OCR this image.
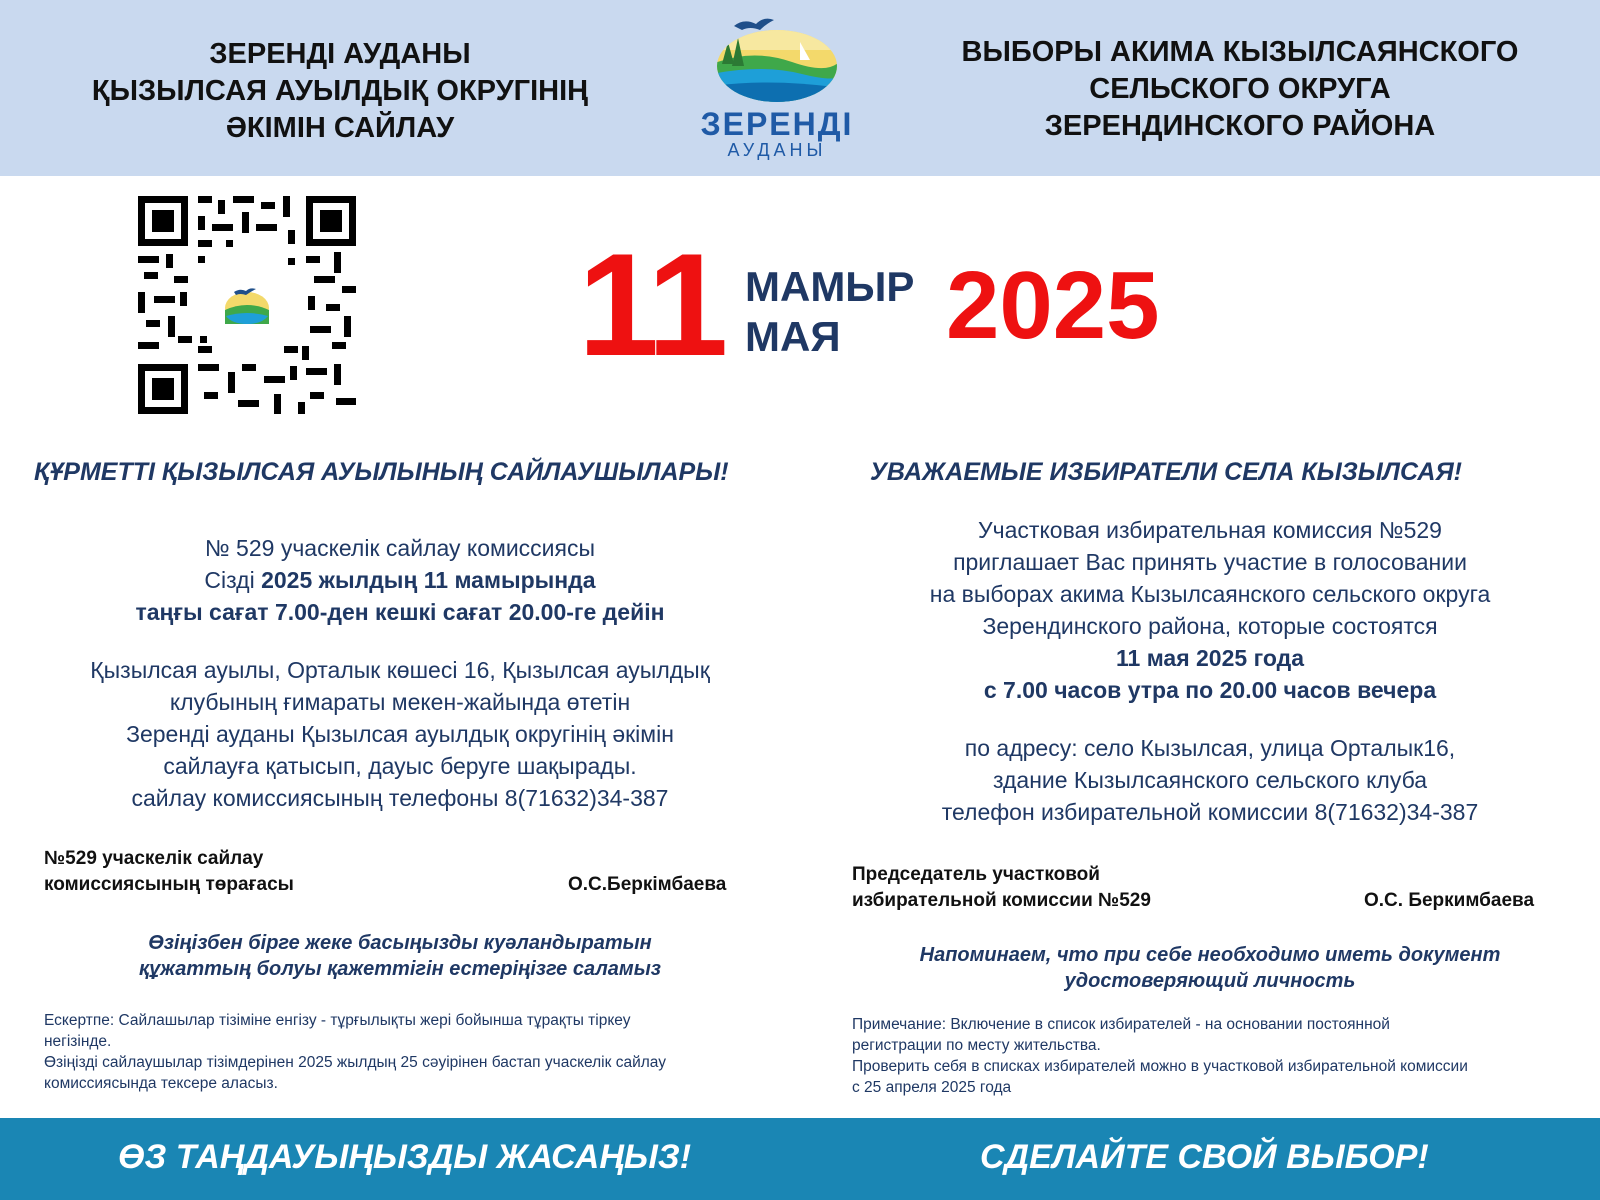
ЗЕРЕНДІ АУДАНЫ
ҚЫЗЫЛСАЯ АУЫЛДЫҚ ОКРУГІНІҢ
ӘКІМІН САЙЛАУ	ЗЕРЕНДІ
АУДАНЫ
ВЫБОРЫ АКИМА КЫЗЫЛСАЯНСКОГО
СЕЛЬСКОГО ОКРУГА
ЗЕРЕНДИНСКОГО РАЙОНА
11 МАМЫР
МАЯ	2025
ҚҰРМЕТТІ ҚЫЗЫЛСАЯ АУЫЛЫНЫҢ САЙЛАУШЫЛАРЫ!
№ 529 учаскелік сайлау комиссиясы
Сізді 2025 жылдың 11 мамырында
таңғы сағат 7.00-ден кешкі сағат 20.00-ге дейін
Қызылсая ауылы, Орталык көшесі 16, Қызылсая ауылдық
клубының ғимараты мекен-жайында өтетін
Зеренді ауданы Қызылсая ауылдық округінің әкімін
сайлауға қатысып, дауыс беруге шақырады.
сайлау комиссиясының телефоны 8(71632)34-387
№529 учаскелік сайлау
комиссиясының төрағасы	О.С.Беркімбаева
Өзіңізбен бірге жеке басыңызды куәландыратын
құжаттың болуы қажеттігін естеріңізге саламыз
Ескертпе: Сайлашылар тізіміне енгізу - тұрғылықты жері бойынша тұрақты тіркеу
негізінде.
Өзіңізді сайлаушылар тізімдерінен 2025 жылдың 25 сәуірінен бастап учаскелік сайлау
комиссиясында тексере аласыз.
УВАЖАЕМЫЕ ИЗБИРАТЕЛИ СЕЛА КЫЗЫЛСАЯ!
Участковая избирательная комиссия №529
приглашает Вас принять участие в голосовании
на выборах акима Кызылсаянского сельского округа
Зерендинского района, которые состоятся
11 мая 2025 года
с 7.00 часов утра по 20.00 часов вечера
по адресу: село Кызылсая, улица Орталык16,
здание Кызылсаянского сельского клуба
телефон избирательной комиссии 8(71632)34-387
Председатель участковой
избирательной комиссии №529	О.С. Беркимбаева
Напоминаем, что при себе необходимо иметь документ
удостоверяющий личность
Примечание: Включение в список избирателей - на основании постоянной
регистрации по месту жительства.
Проверить себя в списках избирателей можно в участковой избирательной комиссии
с 25 апреля 2025 года
ӨЗ ТАҢДАУЫҢЫЗДЫ ЖАСАҢЫЗ!	СДЕЛАЙТЕ СВОЙ ВЫБОР!
